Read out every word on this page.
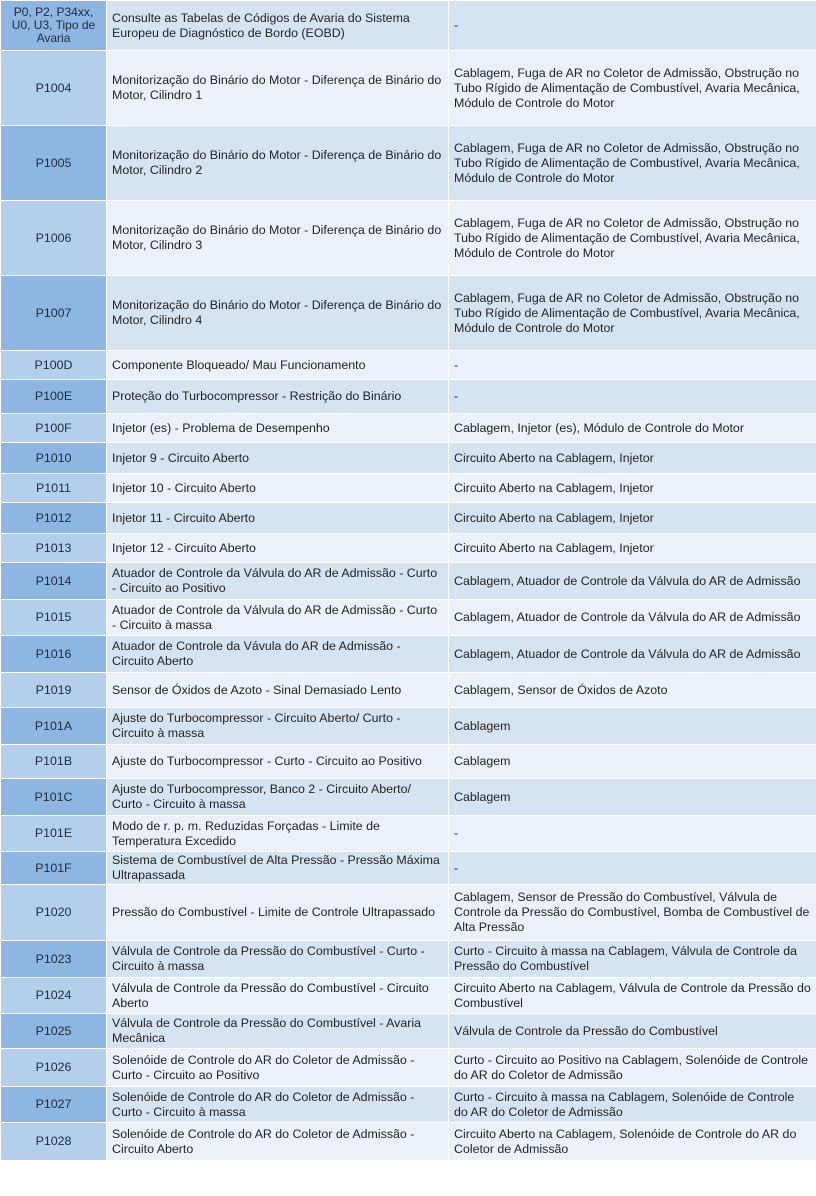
P0, P2, P34xx, U0, U3, Tipo de Avaria	Consulte as Tabelas de Códigos de Avaria do Sistema Europeu de Diagnóstico de Bordo (EOBD)	-
P1004	Monitorização do Binário do Motor - Diferença de Binário do Motor, Cilindro 1	Cablagem, Fuga de AR no Coletor de Admissão, Obstrução no Tubo Rígido de Alimentação de Combustível, Avaria Mecânica, Módulo de Controle do Motor
P1005	Monitorização do Binário do Motor - Diferença de Binário do Motor, Cilindro 2	Cablagem, Fuga de AR no Coletor de Admissão, Obstrução no Tubo Rígido de Alimentação de Combustível, Avaria Mecânica, Módulo de Controle do Motor
P1006	Monitorização do Binário do Motor - Diferença de Binário do Motor, Cilindro 3	Cablagem, Fuga de AR no Coletor de Admissão, Obstrução no Tubo Rígido de Alimentação de Combustível, Avaria Mecânica, Módulo de Controle do Motor
P1007	Monitorização do Binário do Motor - Diferença de Binário do Motor, Cilindro 4	Cablagem, Fuga de AR no Coletor de Admissão, Obstrução no Tubo Rígido de Alimentação de Combustível, Avaria Mecânica, Módulo de Controle do Motor
P100D	Componente Bloqueado/ Mau Funcionamento	-
P100E	Proteção do Turbocompressor - Restrição do Binário	-
P100F	Injetor (es) - Problema de Desempenho	Cablagem, Injetor (es), Módulo de Controle do Motor
P1010	Injetor 9 - Circuito Aberto	Circuito Aberto na Cablagem, Injetor
P1011	Injetor 10 - Circuito Aberto	Circuito Aberto na Cablagem, Injetor
P1012	Injetor 11 - Circuito Aberto	Circuito Aberto na Cablagem, Injetor
P1013	Injetor 12 - Circuito Aberto	Circuito Aberto na Cablagem, Injetor
P1014	Atuador de Controle da Válvula do AR de Admissão - Curto - Circuito ao Positivo	Cablagem, Atuador de Controle da Válvula do AR de Admissão
P1015	Atuador de Controle da Válvula do AR de Admissão - Curto - Circuito à massa	Cablagem, Atuador de Controle da Válvula do AR de Admissão
P1016	Atuador de Controle da Vávula do AR de Admissão - Circuito Aberto	Cablagem, Atuador de Controle da Válvula do AR de Admissão
P1019	Sensor de Óxidos de Azoto - Sinal Demasiado Lento	Cablagem, Sensor de Óxidos de Azoto
P101A	Ajuste do Turbocompressor - Circuito Aberto/ Curto - Circuito à massa	Cablagem
P101B	Ajuste do Turbocompressor - Curto - Circuito ao Positivo	Cablagem
P101C	Ajuste do Turbocompressor, Banco 2 - Circuito Aberto/ Curto - Circuito à massa	Cablagem
P101E	Modo de r. p. m. Reduzidas Forçadas - Limite de Temperatura Excedido	-
P101F	Sistema de Combustível de Alta Pressão - Pressão Máxima Ultrapassada	-
P1020	Pressão do Combustível - Limite de Controle Ultrapassado	Cablagem, Sensor de Pressão do Combustível, Válvula de Controle da Pressão do Combustível, Bomba de Combustível de Alta Pressão
P1023	Válvula de Controle da Pressão do Combustível - Curto - Circuito à massa	Curto - Circuito à massa na Cablagem, Válvula de Controle da Pressão do Combustível
P1024	Válvula de Controle da Pressão do Combustível - Circuito Aberto	Circuito Aberto na Cablagem, Válvula de Controle da Pressão do Combustível
P1025	Válvula de Controle da Pressão do Combustível - Avaria Mecânica	Válvula de Controle da Pressão do Combustível
P1026	Solenóide de Controle do AR do Coletor de Admissão - Curto - Circuito ao Positivo	Curto - Circuito ao Positivo na Cablagem, Solenóide de Controle do AR do Coletor de Admissão
P1027	Solenóide de Controle do AR do Coletor de Admissão - Curto - Circuito à massa	Curto - Circuito à massa na Cablagem, Solenóide de Controle do AR do Coletor de Admissão
P1028	Solenóide de Controle do AR do Coletor de Admissão - Circuito Aberto	Circuito Aberto na Cablagem, Solenóide de Controle do AR do Coletor de Admissão
